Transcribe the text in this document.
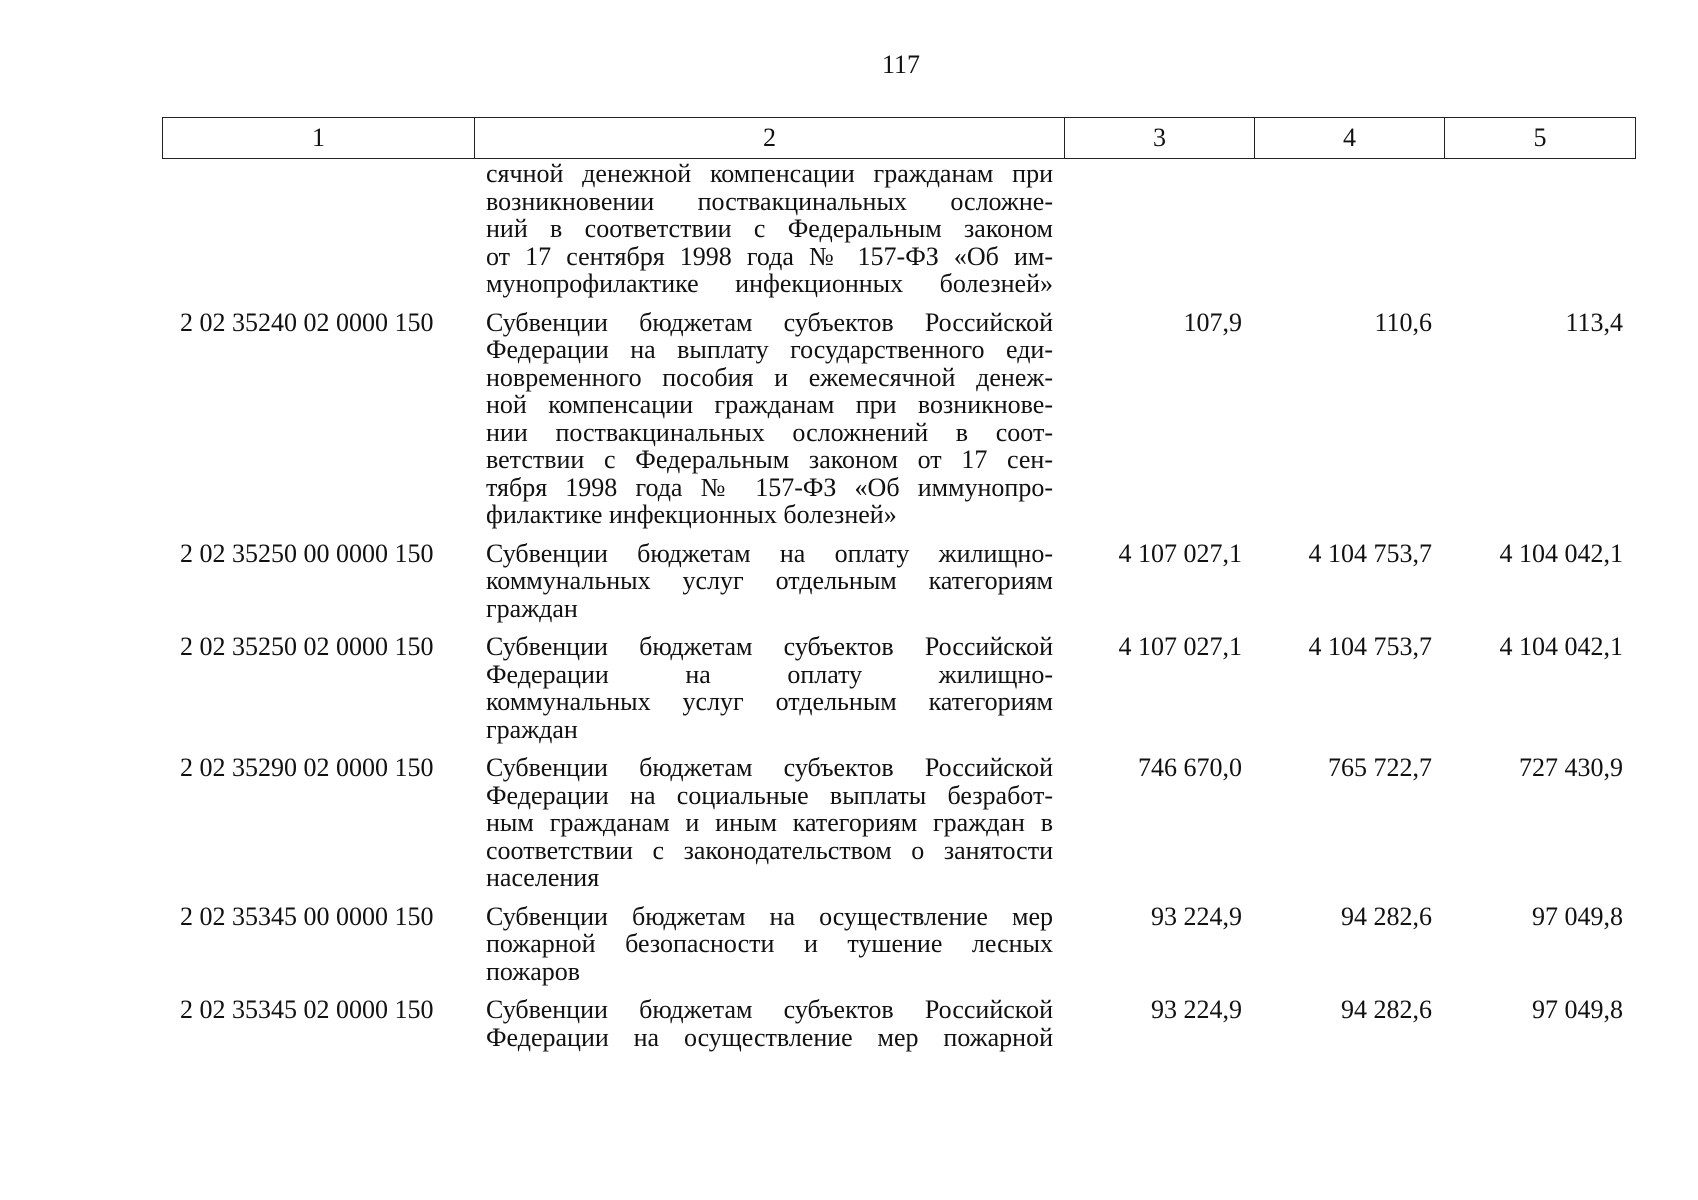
117
1	2	3	4	5
сячной денежной компенсации гражданам при
возникновении поствакцинальных осложне-
ний в соответствии с Федеральным законом
от 17 сентября 1998 года № 157-ФЗ «Об им-
мунопрофилактике инфекционных болезней»
2 02 35240 02 0000 150	Субвенции бюджетам субъектов Российской
Федерации на выплату государственного еди-
новременного пособия и ежемесячной денеж-
ной компенсации гражданам при возникнове-
нии поствакцинальных осложнений в соот-
ветствии с Федеральным законом от 17 сен-
тября 1998 года № 157-ФЗ «Об иммунопро-
филактике инфекционных болезней»
107,9	110,6	113,4
2 02 35250 00 0000 150	Субвенции бюджетам на оплату жилищно-
коммунальных услуг отдельным категориям
граждан
4 107 027,1	4 104 753,7	4 104 042,1
2 02 35250 02 0000 150	Субвенции бюджетам субъектов Российской
Федерации на оплату жилищно-
коммунальных услуг отдельным категориям
граждан
4 107 027,1	4 104 753,7	4 104 042,1
2 02 35290 02 0000 150	Субвенции бюджетам субъектов Российской
Федерации на социальные выплаты безработ-
ным гражданам и иным категориям граждан в
соответствии с законодательством о занятости
населения
746 670,0	765 722,7	727 430,9
2 02 35345 00 0000 150	Субвенции бюджетам на осуществление мер
пожарной безопасности и тушение лесных
пожаров
93 224,9	94 282,6	97 049,8
2 02 35345 02 0000 150	Субвенции бюджетам субъектов Российской
Федерации на осуществление мер пожарной
93 224,9	94 282,6	97 049,8
